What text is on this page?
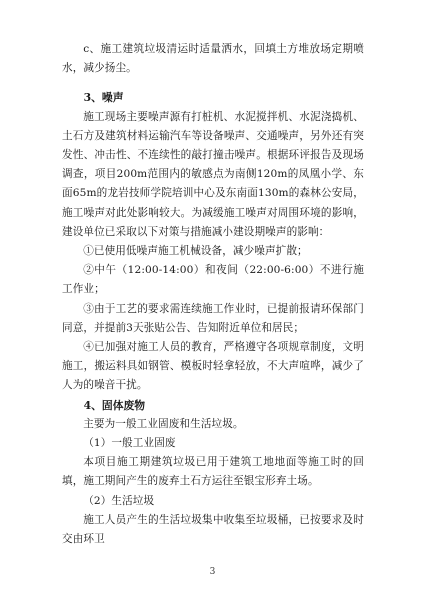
c、施工建筑垃圾清运时适量洒水，回填土方堆放场定期喷水，减少扬尘。

3、噪声

施工现场主要噪声源有打桩机、水泥搅拌机、水泥浇捣机、土石方及建筑材料运输汽车等设备噪声、交通噪声，另外还有突发性、冲击性、不连续性的敲打撞击噪声。根据环评报告及现场调查，项目200m范围内的敏感点为南侧120m的凤凰小学、东面65m的龙岩技师学院培训中心及东南面130m的森林公安局，施工噪声对此处影响较大。为减缓施工噪声对周围环境的影响，建设单位已采取以下对策与措施减小建设期噪声的影响：

①已使用低噪声施工机械设备，减少噪声扩散；

②中午（12:00-14:00）和夜间（22:00-6:00）不进行施工作业；

③由于工艺的要求需连续施工作业时，已提前报请环保部门同意，并提前3天张贴公告、告知附近单位和居民；

④已加强对施工人员的教育，严格遵守各项规章制度，文明施工，搬运料具如钢管、模板时轻拿轻放，不大声喧哗，减少了人为的噪音干扰。

4、固体废物

主要为一般工业固废和生活垃圾。

（1）一般工业固废

本项目施工期建筑垃圾已用于建筑工地地面等施工时的回填，施工期间产生的废弃土石方运往至银宝形弃土场。

（2）生活垃圾

施工人员产生的生活垃圾集中收集至垃圾桶，已按要求及时交由环卫

3
